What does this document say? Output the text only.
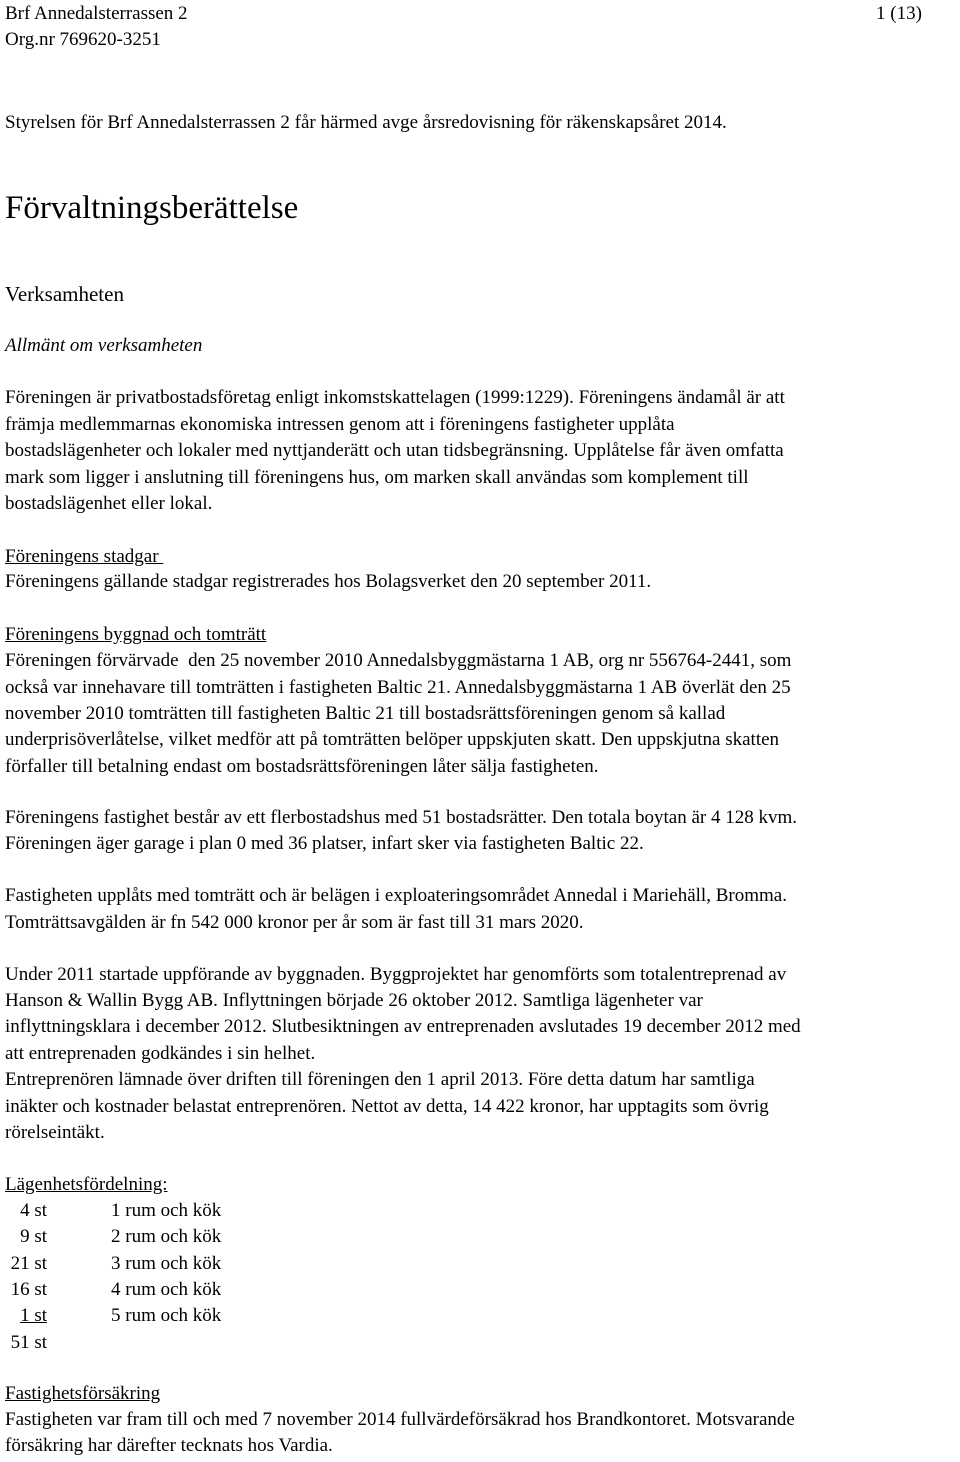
Brf Annedalsterrassen 2
Org.nr 769620-3251
1 (13)
Styrelsen för Brf Annedalsterrassen 2 får härmed avge årsredovisning för räkenskapsåret 2014.
Förvaltningsberättelse
Verksamheten
Allmänt om verksamheten
Föreningen är privatbostadsföretag enligt inkomstskattelagen (1999:1229). Föreningens ändamål är att
främja medlemmarnas ekonomiska intressen genom att i föreningens fastigheter upplåta
bostadslägenheter och lokaler med nyttjanderätt och utan tidsbegränsning. Upplåtelse får även omfatta
mark som ligger i anslutning till föreningens hus, om marken skall användas som komplement till
bostadslägenhet eller lokal.
Föreningens stadgar
Föreningens gällande stadgar registrerades hos Bolagsverket den 20 september 2011.
Föreningens byggnad och tomträtt
Föreningen förvärvade  den 25 november 2010 Annedalsbyggmästarna 1 AB, org nr 556764-2441, som
också var innehavare till tomträtten i fastigheten Baltic 21. Annedalsbyggmästarna 1 AB överlät den 25
november 2010 tomträtten till fastigheten Baltic 21 till bostadsrättsföreningen genom så kallad
underprisöverlåtelse, vilket medför att på tomträtten belöper uppskjuten skatt. Den uppskjutna skatten
förfaller till betalning endast om bostadsrättsföreningen låter sälja fastigheten.
Föreningens fastighet består av ett flerbostadshus med 51 bostadsrätter. Den totala boytan är 4 128 kvm.
Föreningen äger garage i plan 0 med 36 platser, infart sker via fastigheten Baltic 22.
Fastigheten upplåts med tomträtt och är belägen i exploateringsområdet Annedal i Mariehäll, Bromma.
Tomträttsavgälden är fn 542 000 kronor per år som är fast till 31 mars 2020.
Under 2011 startade uppförande av byggnaden. Byggprojektet har genomförts som totalentreprenad av
Hanson & Wallin Bygg AB. Inflyttningen började 26 oktober 2012. Samtliga lägenheter var
inflyttningsklara i december 2012. Slutbesiktningen av entreprenaden avslutades 19 december 2012 med
att entreprenaden godkändes i sin helhet.
Entreprenören lämnade över driften till föreningen den 1 april 2013. Före detta datum har samtliga
inäkter och kostnader belastat entreprenören. Nettot av detta, 14 422 kronor, har upptagits som övrig
rörelseintäkt.
Lägenhetsfördelning:
4 st	1 rum och kök
9 st	2 rum och kök
21 st	3 rum och kök
16 st	4 rum och kök
1 st	5 rum och kök
51 st
Fastighetsförsäkring
Fastigheten var fram till och med 7 november 2014 fullvärdeförsäkrad hos Brandkontoret. Motsvarande
försäkring har därefter tecknats hos Vardia.
